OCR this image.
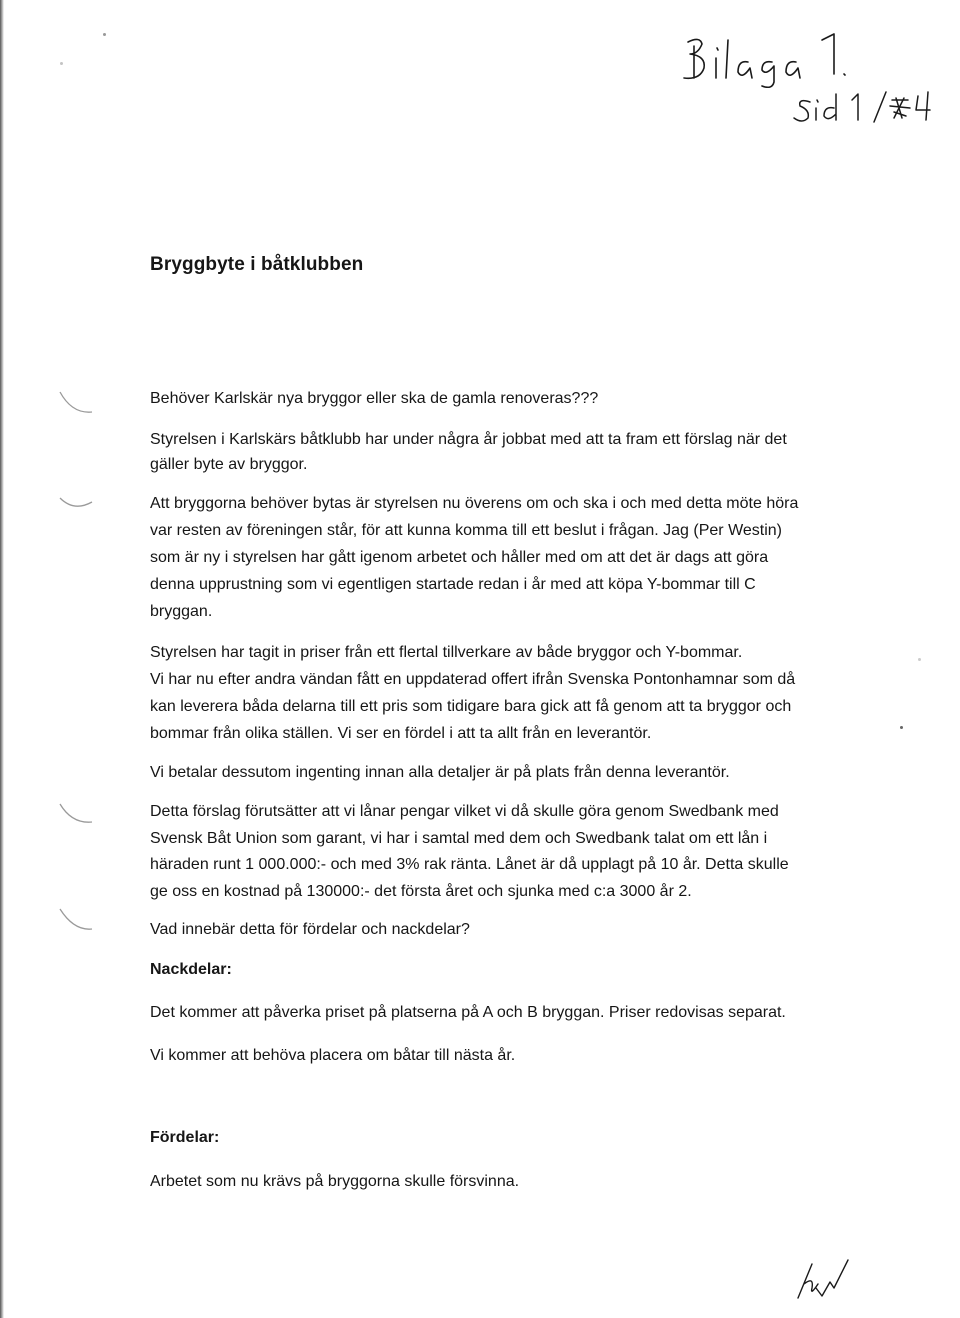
Bryggbyte i båtklubben

Behöver Karlskär nya bryggor eller ska de gamla renoveras???

Styrelsen i Karlskärs båtklubb har under några år jobbat med att ta fram ett förslag när det
gäller byte av bryggor.

Att bryggorna behöver bytas är styrelsen nu överens om och ska i och med detta möte höra
var resten av föreningen står, för att kunna komma till ett beslut i frågan. Jag (Per Westin)
som är ny i styrelsen har gått igenom arbetet och håller med om att det är dags att göra
denna upprustning som vi egentligen startade redan i år med att köpa Y-bommar till C
bryggan.

Styrelsen har tagit in priser från ett flertal tillverkare av både bryggor och Y-bommar.
Vi har nu efter andra vändan fått en uppdaterad offert ifrån Svenska Pontonhamnar som då
kan leverera båda delarna till ett pris som tidigare bara gick att få genom att ta bryggor och
bommar från olika ställen. Vi ser en fördel i att ta allt från en leverantör.

Vi betalar dessutom ingenting innan alla detaljer är på plats från denna leverantör.

Detta förslag förutsätter att vi lånar pengar vilket vi då skulle göra genom Swedbank med
Svensk Båt Union som garant, vi har i samtal med dem och Swedbank talat om ett lån i
häraden runt 1 000.000:- och med 3% rak ränta. Lånet är då upplagt på 10 år. Detta skulle
ge oss en kostnad på 130000:- det första året och sjunka med c:a 3000 år 2.

Vad innebär detta för fördelar och nackdelar?

Nackdelar:

Det kommer att påverka priset på platserna på A och B bryggan. Priser redovisas separat.

Vi kommer att behöva placera om båtar till nästa år.

Fördelar:

Arbetet som nu krävs på bryggorna skulle försvinna.
